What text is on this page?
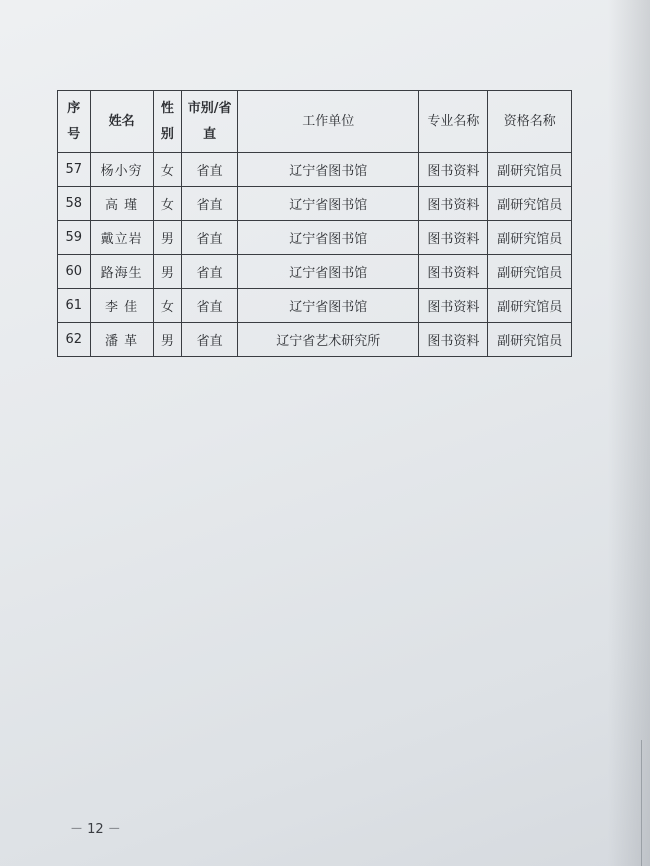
序号	姓名	性别	市别/省直	工作单位	专业名称	资格名称
57	杨小穷	女	省直	辽宁省图书馆	图书资料	副研究馆员
58	高 瑾	女	省直	辽宁省图书馆	图书资料	副研究馆员
59	戴立岩	男	省直	辽宁省图书馆	图书资料	副研究馆员
60	路海生	男	省直	辽宁省图书馆	图书资料	副研究馆员
61	李 佳	女	省直	辽宁省图书馆	图书资料	副研究馆员
62	潘 革	男	省直	辽宁省艺术研究所	图书资料	副研究馆员
－ 12 －
